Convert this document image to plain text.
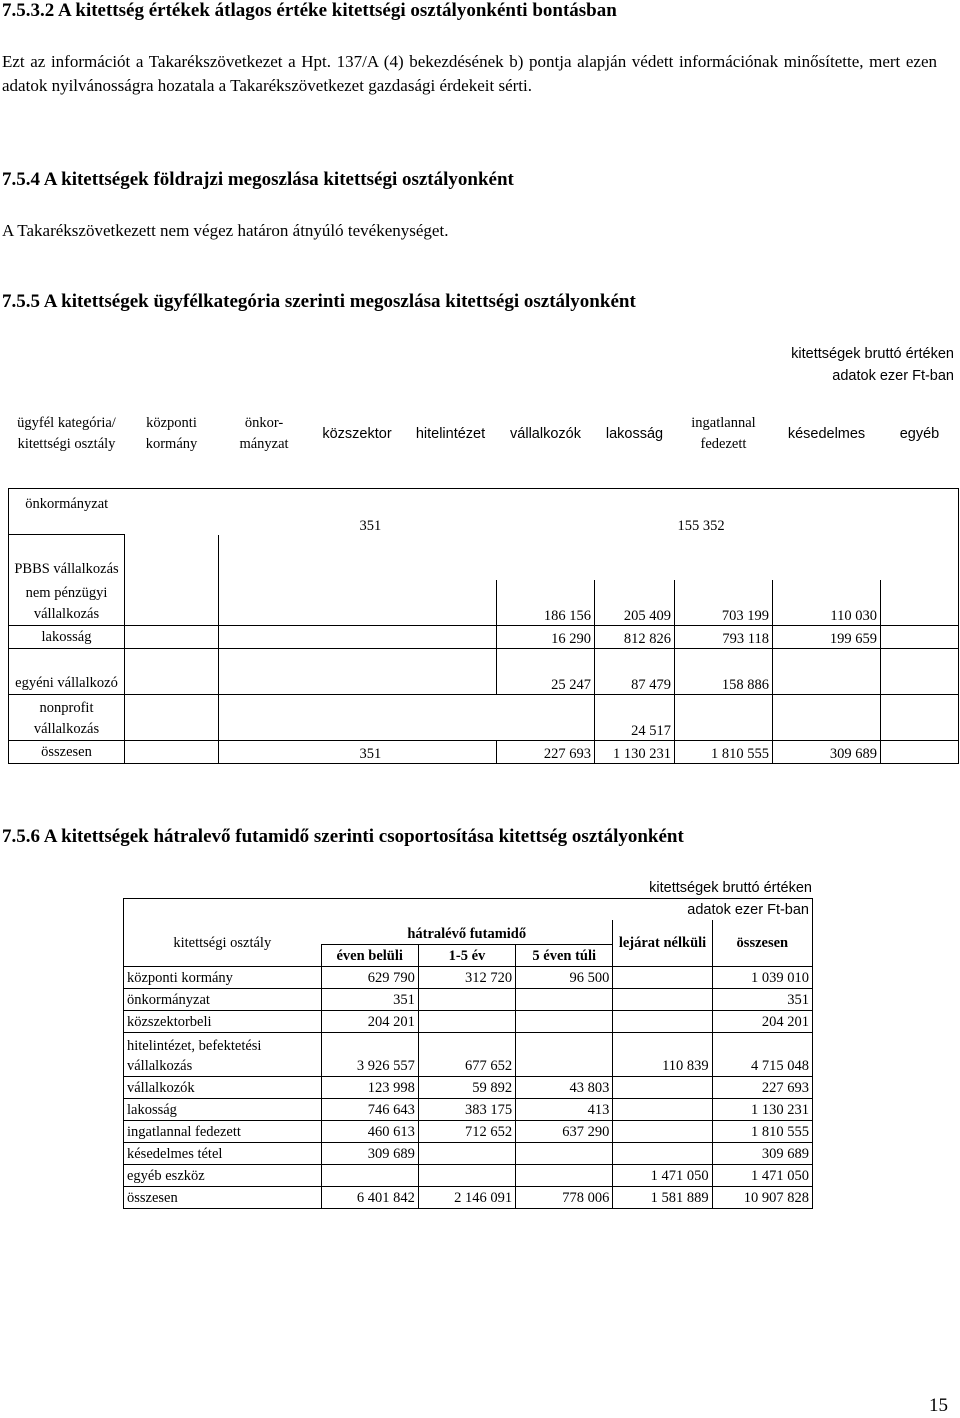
7.5.3.2 A kitettség értékek átlagos értéke kitettségi osztályonkénti bontásban
Ezt az információt a Takarékszövetkezet a Hpt. 137/A (4) bekezdésének b) pontja alapján védett információnak minősítette, mert ezen adatok nyilvánosságra hozatala a Takarékszövetkezet gazdasági érdekeit sérti.
7.5.4 A kitettségek földrajzi megoszlása kitettségi osztályonként
A Takarékszövetkezett nem végez határon átnyúló tevékenységet.
7.5.5 A kitettségek ügyfélkategória szerinti megoszlása kitettségi osztályonként
kitettségek bruttó értéken
adatok ezer Ft-ban
ügyfél kategória/ kitettségi osztály	központi kormány	önkor-mányzat	közszektor	hitelintézet	vállalkozók	lakosság	ingatlannal fedezett	késedelmes	egyéb
önkormányzat			351				155 352		
PBBS vállalkozás									
nem pénzügyi vállalkozás					186 156	205 409	703 199	110 030	
lakosság					16 290	812 826	793 118	199 659	
egyéni vállalkozó					25 247	87 479	158 886		
nonprofit vállalkozás						24 517			
összesen			351		227 693	1 130 231	1 810 555	309 689	
7.5.6 A kitettségek hátralevő futamidő szerinti csoportosítása kitettség osztályonként
kitettségek bruttó értéken
adatok ezer Ft-ban					
kitettségi osztály	hátralévő futamidő			lejárat nélküli	összesen
	éven belüli	1-5 év	5 éven túli		
központi kormány	629 790	312 720	96 500		1 039 010
önkormányzat	351				351
közszektorbeli	204 201				204 201
hitelintézet, befektetési vállalkozás	3 926 557	677 652		110 839	4 715 048
vállalkozók	123 998	59 892	43 803		227 693
lakosság	746 643	383 175	413		1 130 231
ingatlannal fedezett	460 613	712 652	637 290		1 810 555
késedelmes tétel	309 689				309 689
egyéb eszköz				1 471 050	1 471 050
összesen	6 401 842	2 146 091	778 006	1 581 889	10 907 828
15
